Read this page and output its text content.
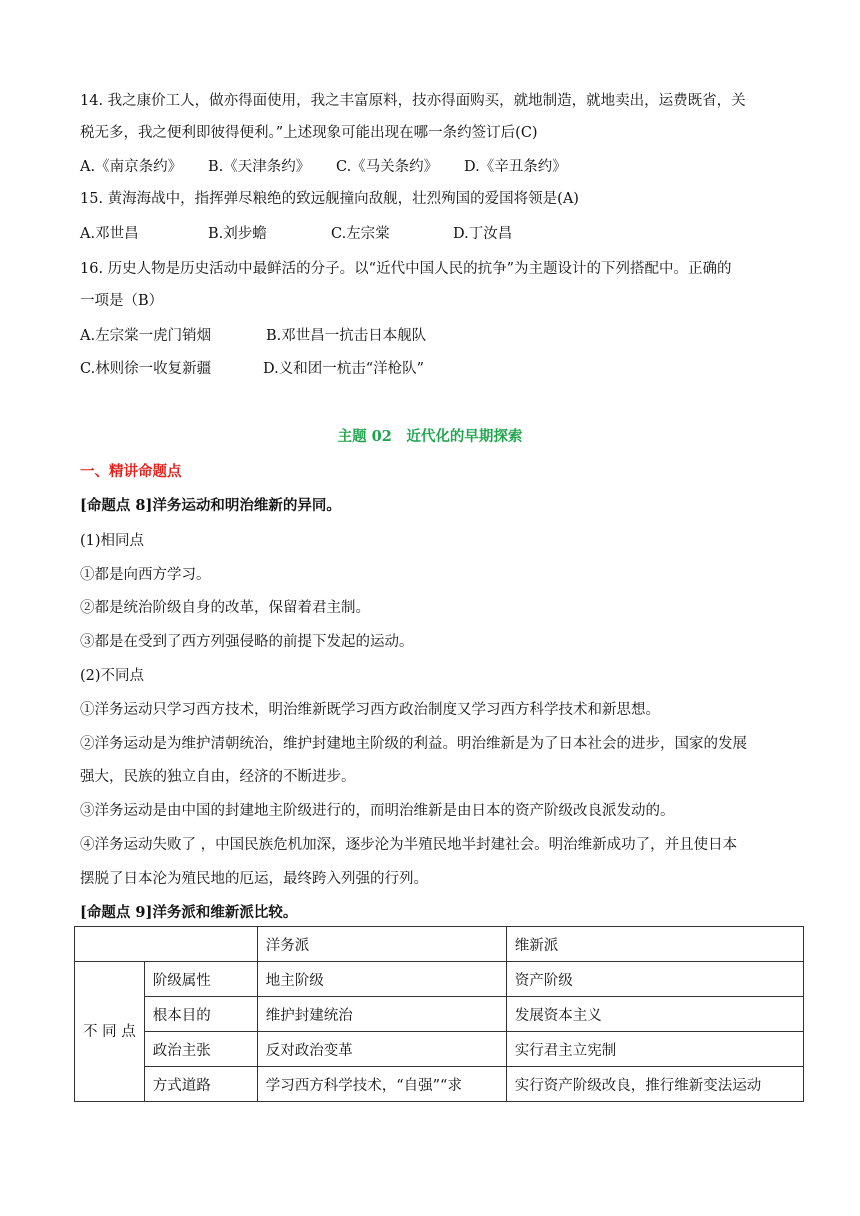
14. 我之康价工人，做亦得面使用，我之丰富原料，技亦得面购买，就地制造，就地卖出，运费既省，关
税无多，我之便利即彼得便利。”上述现象可能出现在哪一条约签订后(C)
A.《南京条约》 B.《天津条约》 C.《马关条约》 D.《辛丑条约》
15. 黄海海战中，指挥弹尽粮绝的致远舰撞向敌舰，壮烈殉国的爱国将领是(A)
A.邓世昌	B.刘步蟾	C.左宗棠	D.丁汝昌
16. 历史人物是历史活动中最鲜活的分子。以“近代中国人民的抗争”为主题设计的下列搭配中。正确的
一项是（B）
A.左宗棠一虎门销烟	B.邓世昌一抗击日本舰队
C.林则徐一收复新疆	D.义和团一杭击“洋枪队”
主题 02　近代化的早期探索
一、精讲命题点
[命题点 8]洋务运动和明治维新的异同。
(1)相同点
①都是向西方学习。
②都是统治阶级自身的改革，保留着君主制。
③都是在受到了西方列强侵略的前提下发起的运动。
(2)不同点
①洋务运动只学习西方技术，明治维新既学习西方政治制度又学习西方科学技术和新思想。
②洋务运动是为维护清朝统治，维护封建地主阶级的利益。明治维新是为了日本社会的进步，国家的发展
强大，民族的独立自由，经济的不断进步。
③洋务运动是由中国的封建地主阶级进行的，而明治维新是由日本的资产阶级改良派发动的。
④洋务运动失败了 ，中国民族危机加深，逐步沦为半殖民地半封建社会。明治维新成功了，并且使日本
摆脱了日本沦为殖民地的厄运，最终跨入列强的行列。
[命题点 9]洋务派和维新派比较。
		洋务派	维新派
不 同 点	阶级属性	地主阶级	资产阶级
	根本目的	维护封建统治	发展资本主义
	政治主张	反对政治变革	实行君主立宪制
	方式道路	学习西方科学技术，“自强”“求	实行资产阶级改良，推行维新变法运动
